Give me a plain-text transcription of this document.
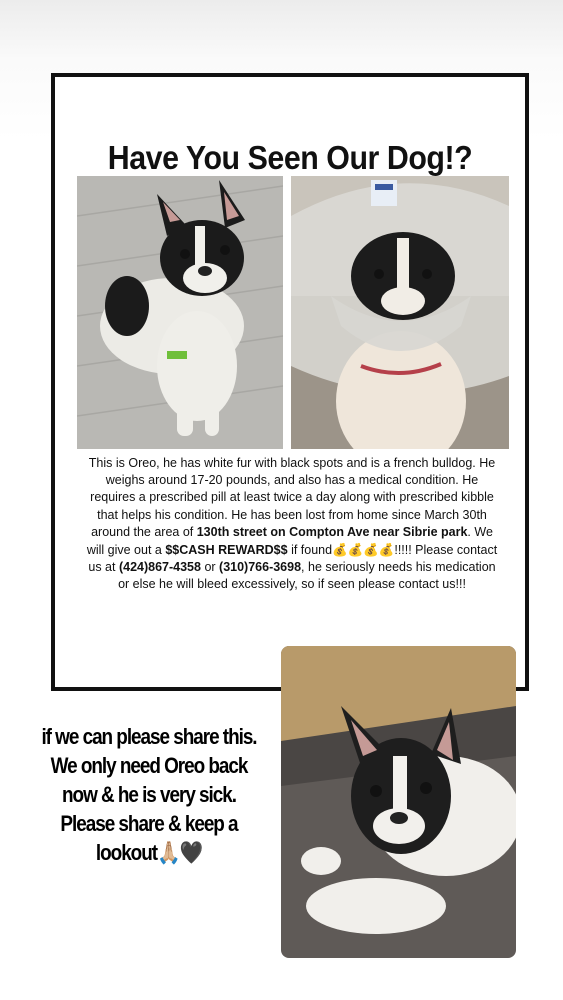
Have You Seen Our Dog!?
This is Oreo, he has white fur with black spots and is a french bulldog. He weighs around 17-20 pounds, and also has a medical condition. He requires a prescribed pill at least twice a day along with prescribed kibble that helps his condition. He has been lost from home since March 30th around the area of 130th street on Compton Ave near Sibrie park. We will give out a $$CASH REWARD$$ if found💰💰💰💰!!!!! Please contact us at (424)867-4358 or (310)766-3698, he seriously needs his medication or else he will bleed excessively, so if seen please contact us!!!
if we can please share this. We only need Oreo back now & he is very sick. Please share & keep a lookout🙏🏼🖤
